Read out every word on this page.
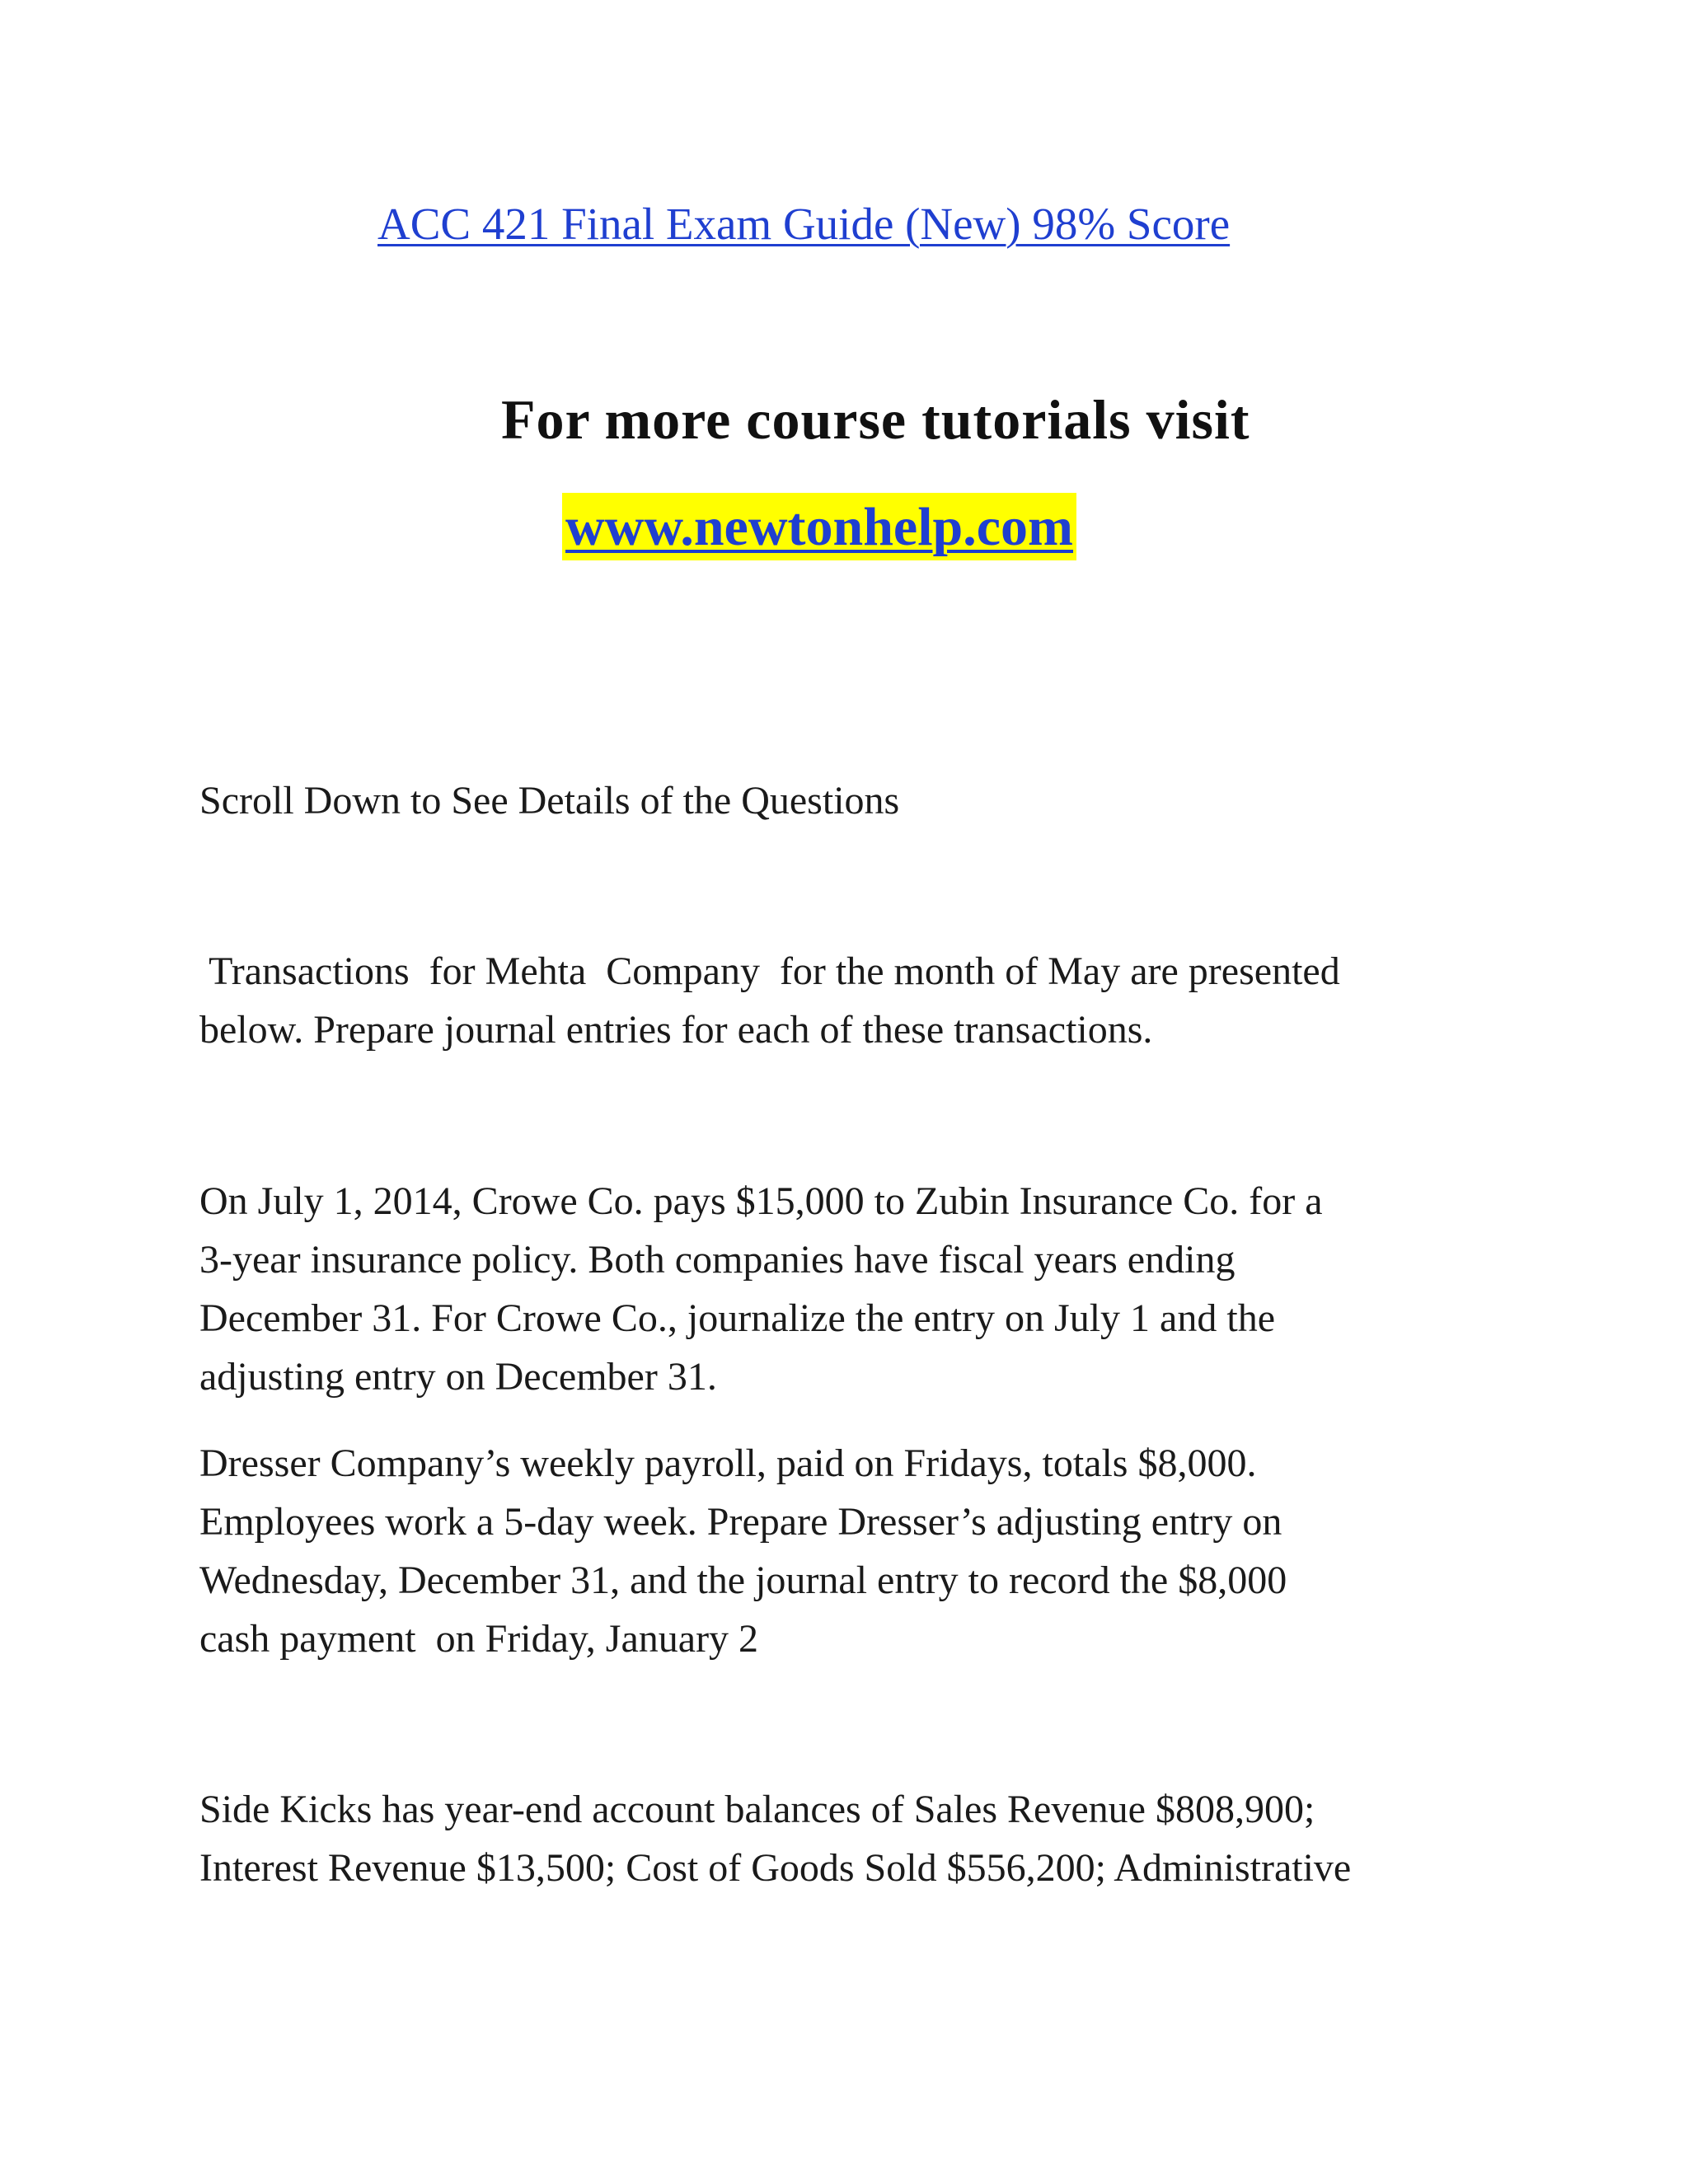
ACC 421 Final Exam Guide (New) 98% Score
For more course tutorials visit
www.newtonhelp.com

Scroll Down to See Details of the Questions

Transactions  for Mehta  Company  for the month of May are presented
below. Prepare journal entries for each of these transactions.

On July 1, 2014, Crowe Co. pays $15,000 to Zubin Insurance Co. for a
3-year insurance policy. Both companies have fiscal years ending
December 31. For Crowe Co., journalize the entry on July 1 and the
adjusting entry on December 31.

Dresser Company’s weekly payroll, paid on Fridays, totals $8,000.
Employees work a 5-day week. Prepare Dresser’s adjusting entry on
Wednesday, December 31, and the journal entry to record the $8,000
cash payment  on Friday, January 2

Side Kicks has year-end account balances of Sales Revenue $808,900;
Interest Revenue $13,500; Cost of Goods Sold $556,200; Administrative
